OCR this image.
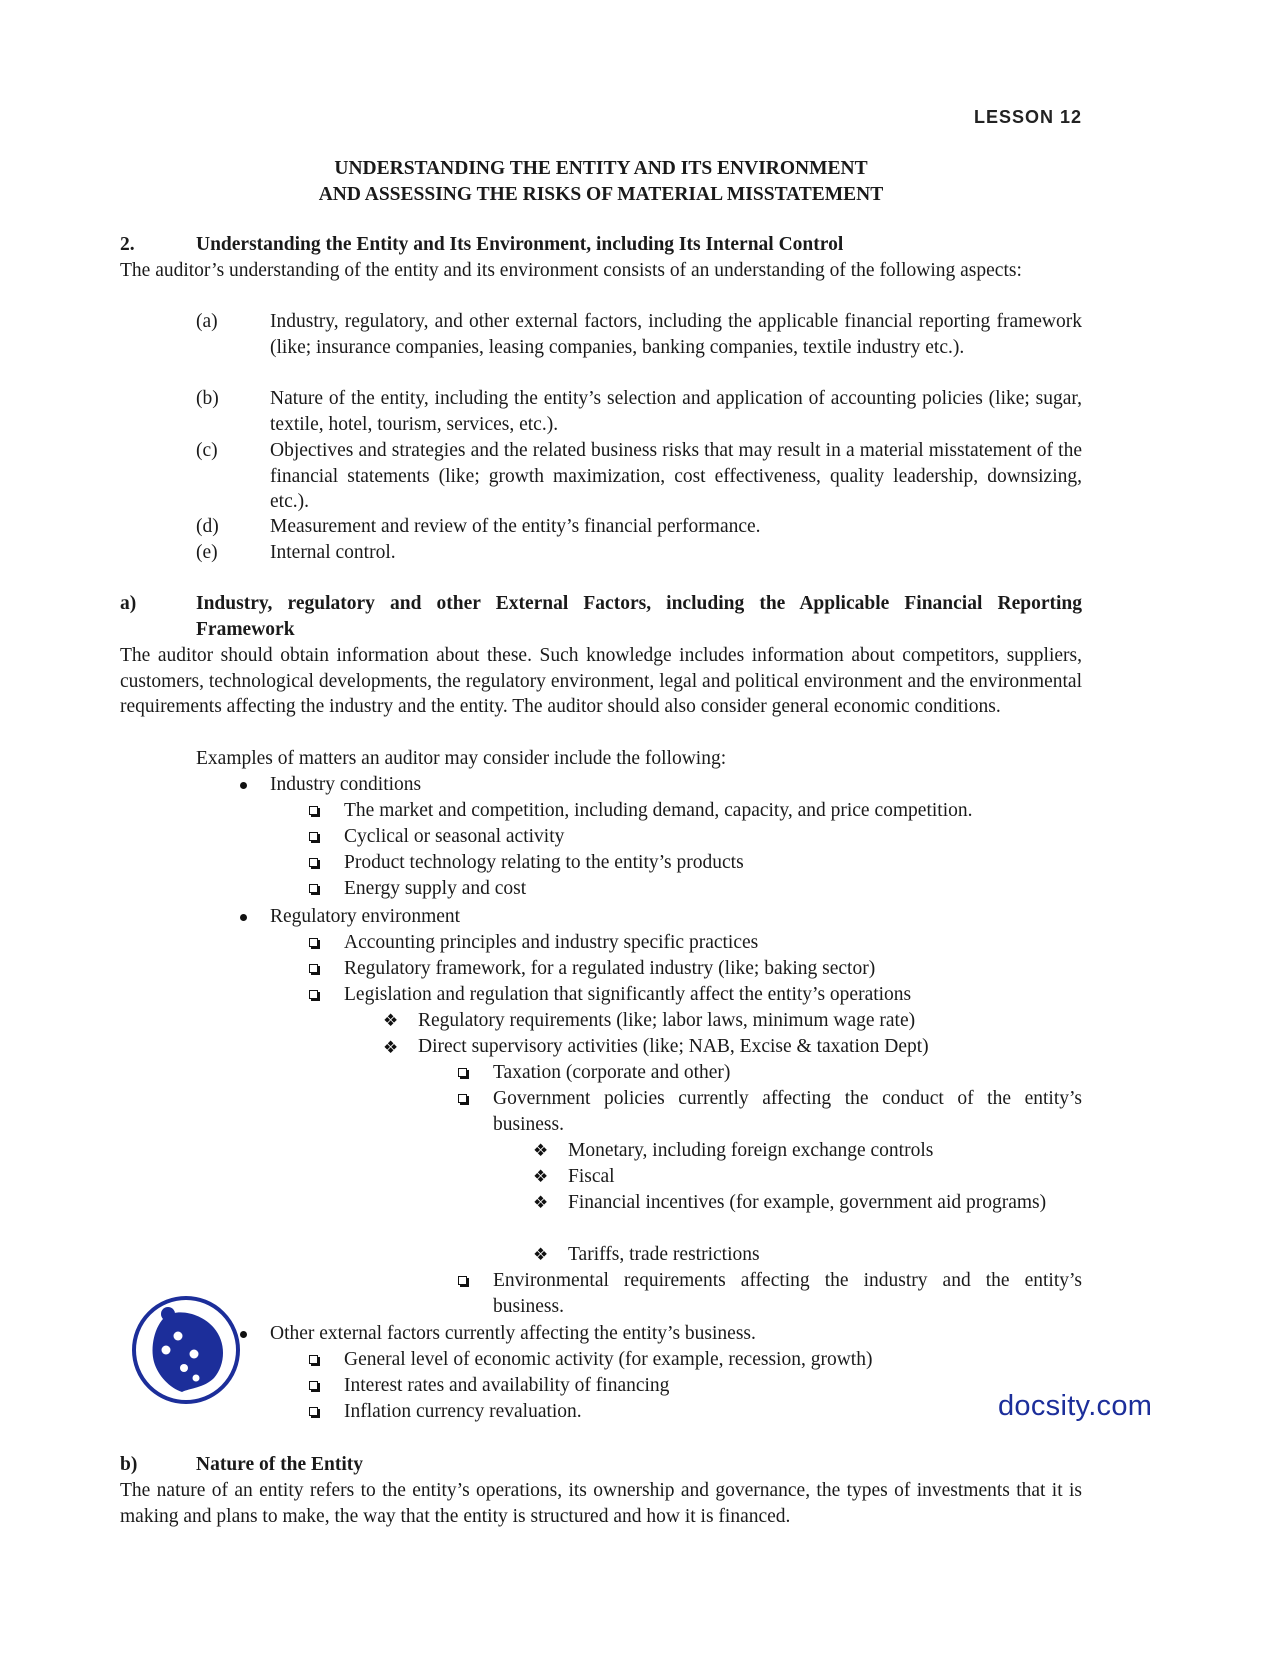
LESSON 12
UNDERSTANDING THE ENTITY AND ITS ENVIRONMENT
AND ASSESSING THE RISKS OF MATERIAL MISSTATEMENT
2.	Understanding the Entity and Its Environment, including Its Internal Control
The auditor’s understanding of the entity and its environment consists of an understanding of the following aspects:
(a)	Industry, regulatory, and other external factors, including the applicable financial reporting framework (like; insurance companies, leasing companies, banking companies, textile industry etc.).
(b)	Nature of the entity, including the entity’s selection and application of accounting policies (like; sugar, textile, hotel, tourism, services, etc.).
(c)	Objectives and strategies and the related business risks that may result in a material misstatement of the financial statements (like; growth maximization, cost effectiveness, quality leadership, downsizing, etc.).
(d)	Measurement and review of the entity’s financial performance.
(e)	Internal control.
a)	Industry, regulatory and other External Factors, including the Applicable Financial Reporting Framework
The auditor should obtain information about these. Such knowledge includes information about competitors, suppliers, customers, technological developments, the regulatory environment, legal and political environment and the environmental requirements affecting the industry and the entity. The auditor should also consider general economic conditions.
Examples of matters an auditor may consider include the following:
Industry conditions
The market and competition, including demand, capacity, and price competition.
Cyclical or seasonal activity
Product technology relating to the entity’s products
Energy supply and cost
Regulatory environment
Accounting principles and industry specific practices
Regulatory framework, for a regulated industry (like; baking sector)
Legislation and regulation that significantly affect the entity’s operations
❖ Regulatory requirements (like; labor laws, minimum wage rate)
❖ Direct supervisory activities (like; NAB, Excise & taxation Dept)
Taxation (corporate and other)
Government policies currently affecting the conduct of the entity’s business.
❖ Monetary, including foreign exchange controls
❖ Fiscal
❖ Financial incentives (for example, government aid programs)
❖ Tariffs, trade restrictions
Environmental requirements affecting the industry and the entity’s business.
Other external factors currently affecting the entity’s business.
General level of economic activity (for example, recession, growth)
Interest rates and availability of financing
Inflation currency revaluation.
b)	Nature of the Entity
The nature of an entity refers to the entity’s operations, its ownership and governance, the types of investments that it is making and plans to make, the way that the entity is structured and how it is financed.
docsity.com
